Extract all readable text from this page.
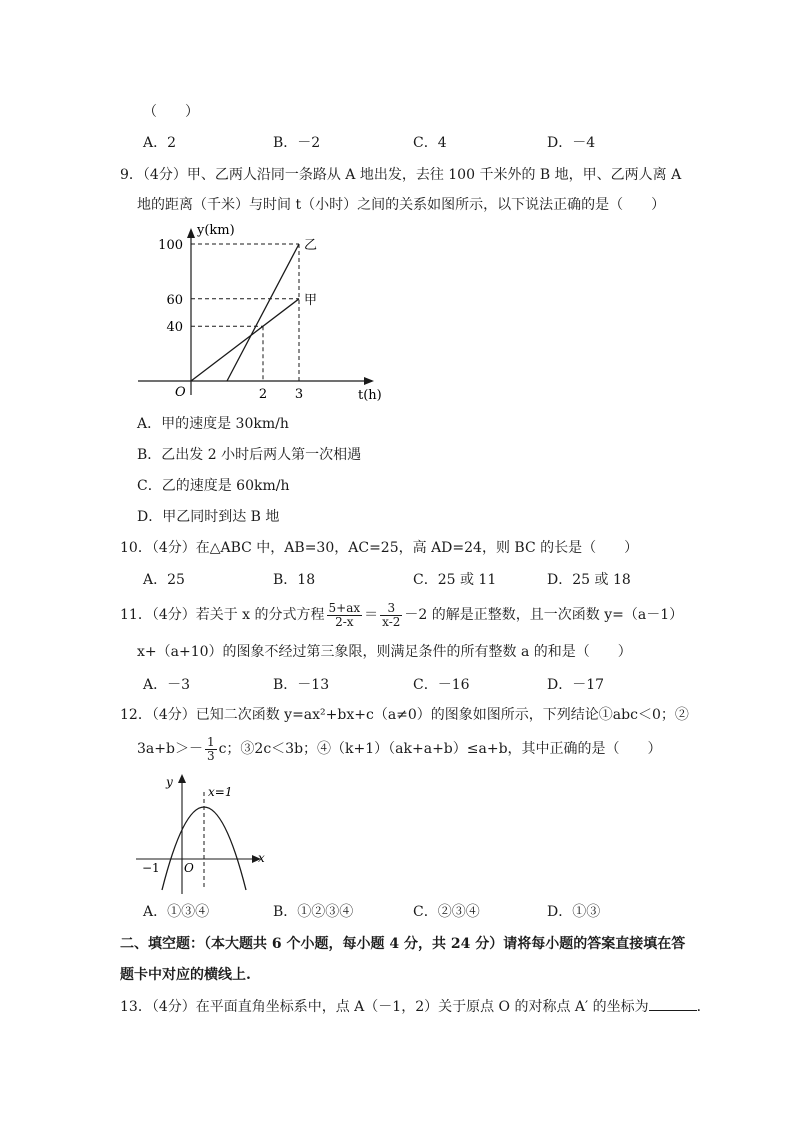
（　　）
A．2	B．－2	C．4	D．－4
9．（4分）甲、乙两人沿同一条路从 A 地出发，去往 100 千米外的 B 地，甲、乙两人离 A
地的距离（千米）与时间 t（小时）之间的关系如图所示，以下说法正确的是（　　）
甲
乙
40
60
100
2 3
y(km)
t(h)
O
A．甲的速度是 30km/h
B．乙出发 2 小时后两人第一次相遇
C．乙的速度是 60km/h
D．甲乙同时到达 B 地
10．（4分）在△ABC 中，AB=30，AC=25，高 AD=24，则 BC 的长是（　　）
A．25	B．18	C．25 或 11	D．25 或 18
11．（4分）若关于 x 的分式方程 $\frac{5+ax}{2-x} = \frac{3}{x-2} -2$ 的解是正整数，且一次函数 y=（a－1）
x+（a+10）的图象不经过第三象限，则满足条件的所有整数 a 的和是（　　）
A．－3	B．－13	C．－16	D．－17
12．（4分）已知二次函数 y=ax²+bx+c（a≠0）的图象如图所示，下列结论①abc＜0；②
$3a+b>- \frac{1}{3}$ c；③2c＜3b；④（k+1）（ak+a+b）≤a+b，其中正确的是（　　）
y
x
O
−1
x=1
A．①③④	B．①②③④	C．②③④	D．①③
二、填空题：（本大题共 6 个小题，每小题 4 分，共 24 分）请将每小题的答案直接填在答
题卡中对应的横线上.
13．（4分）在平面直角坐标系中，点 A（－1，2）关于原点 O 的对称点 A′ 的坐标为	．
